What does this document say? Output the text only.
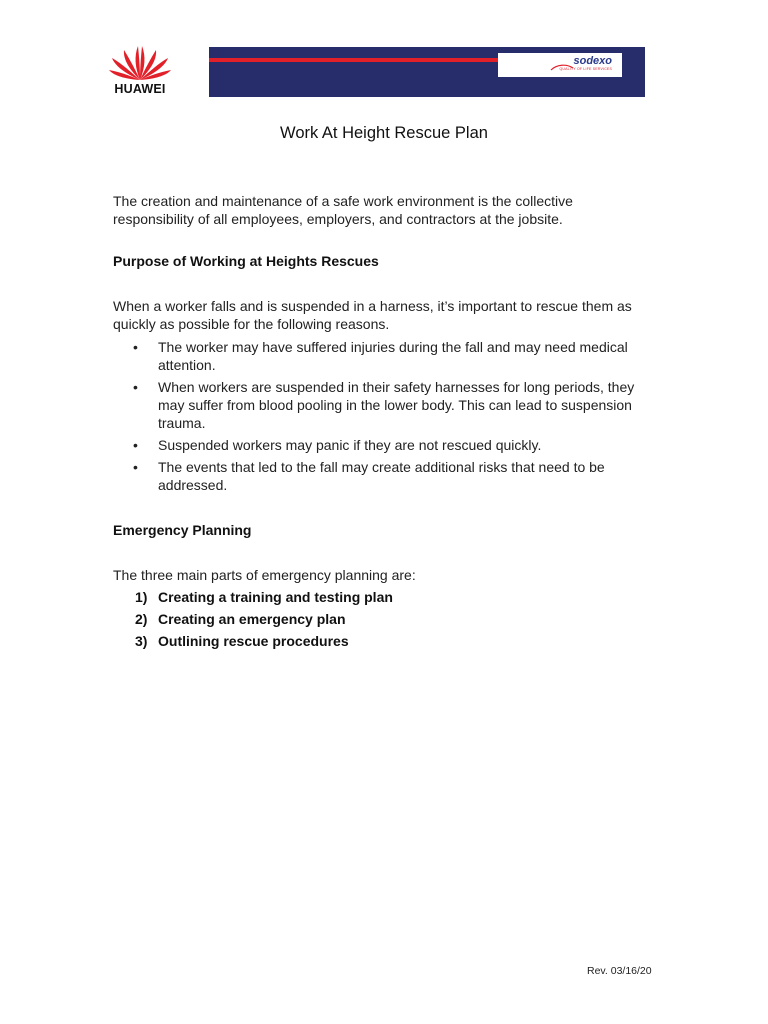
HUAWEI
sodexo
QUALITY OF LIFE SERVICES
Work At Height Rescue Plan

The creation and maintenance of a safe work environment is the collective responsibility of all employees, employers, and contractors at the jobsite.

Purpose of Working at Heights Rescues

When a worker falls and is suspended in a harness, it’s important to rescue them as quickly as possible for the following reasons.

• The worker may have suffered injuries during the fall and may need medical attention.
• When workers are suspended in their safety harnesses for long periods, they may suffer from blood pooling in the lower body. This can lead to suspension trauma.
• Suspended workers may panic if they are not rescued quickly.
• The events that led to the fall may create additional risks that need to be addressed.
Emergency Planning

The three main parts of emergency planning are:

1) Creating a training and testing plan
2) Creating an emergency plan
3) Outlining rescue procedures

Rev. 03/16/20
